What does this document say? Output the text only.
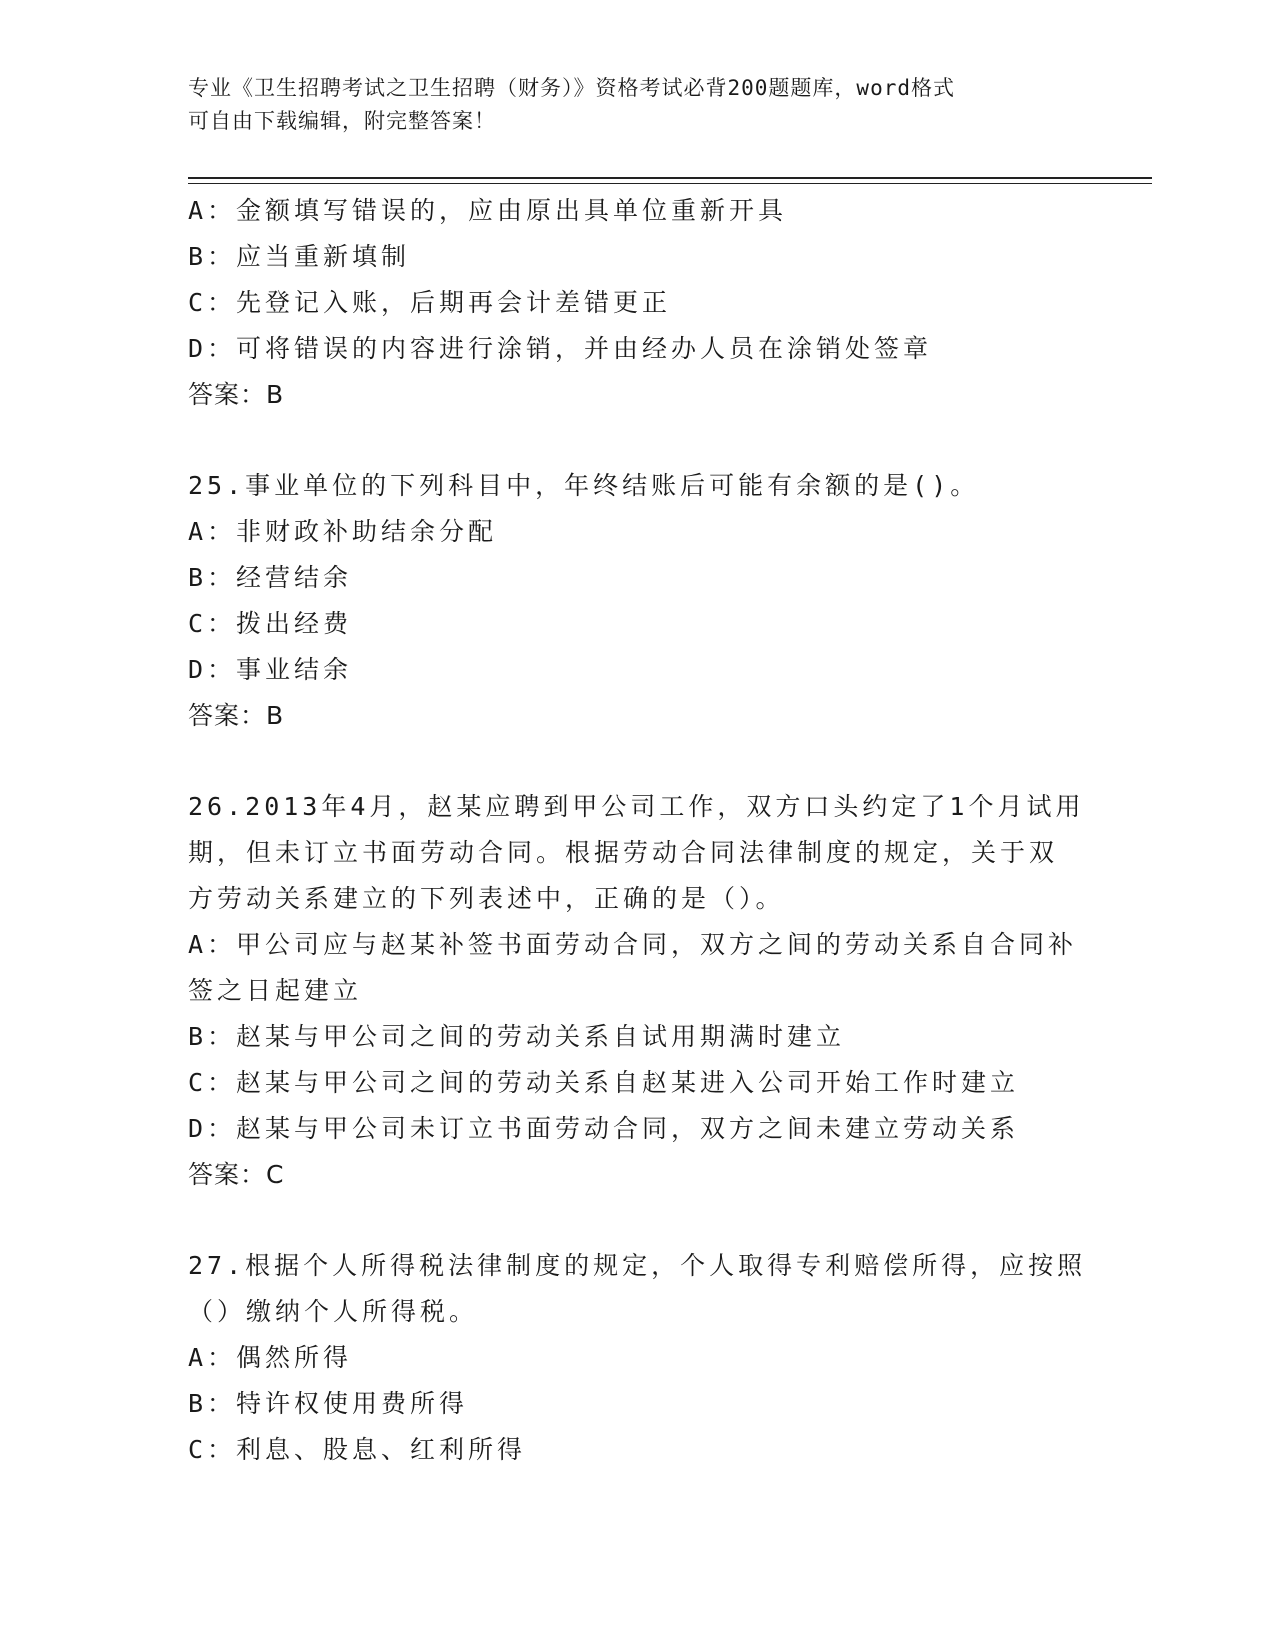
专业《卫生招聘考试之卫生招聘（财务）》资格考试必背200题题库，word格式
可自由下载编辑，附完整答案！
A：金额填写错误的，应由原出具单位重新开具
B：应当重新填制
C：先登记入账，后期再会计差错更正
D：可将错误的内容进行涂销，并由经办人员在涂销处签章
答案：B
25.事业单位的下列科目中，年终结账后可能有余额的是()。
A：非财政补助结余分配
B：经营结余
C：拨出经费
D：事业结余
答案：B
26.2013年4月，赵某应聘到甲公司工作，双方口头约定了1个月试用
期，但未订立书面劳动合同。根据劳动合同法律制度的规定，关于双
方劳动关系建立的下列表述中，正确的是（）。
A：甲公司应与赵某补签书面劳动合同，双方之间的劳动关系自合同补
签之日起建立
B：赵某与甲公司之间的劳动关系自试用期满时建立
C：赵某与甲公司之间的劳动关系自赵某进入公司开始工作时建立
D：赵某与甲公司未订立书面劳动合同，双方之间未建立劳动关系
答案：C
27.根据个人所得税法律制度的规定，个人取得专利赔偿所得，应按照
（）缴纳个人所得税。
A：偶然所得
B：特许权使用费所得
C：利息、股息、红利所得
